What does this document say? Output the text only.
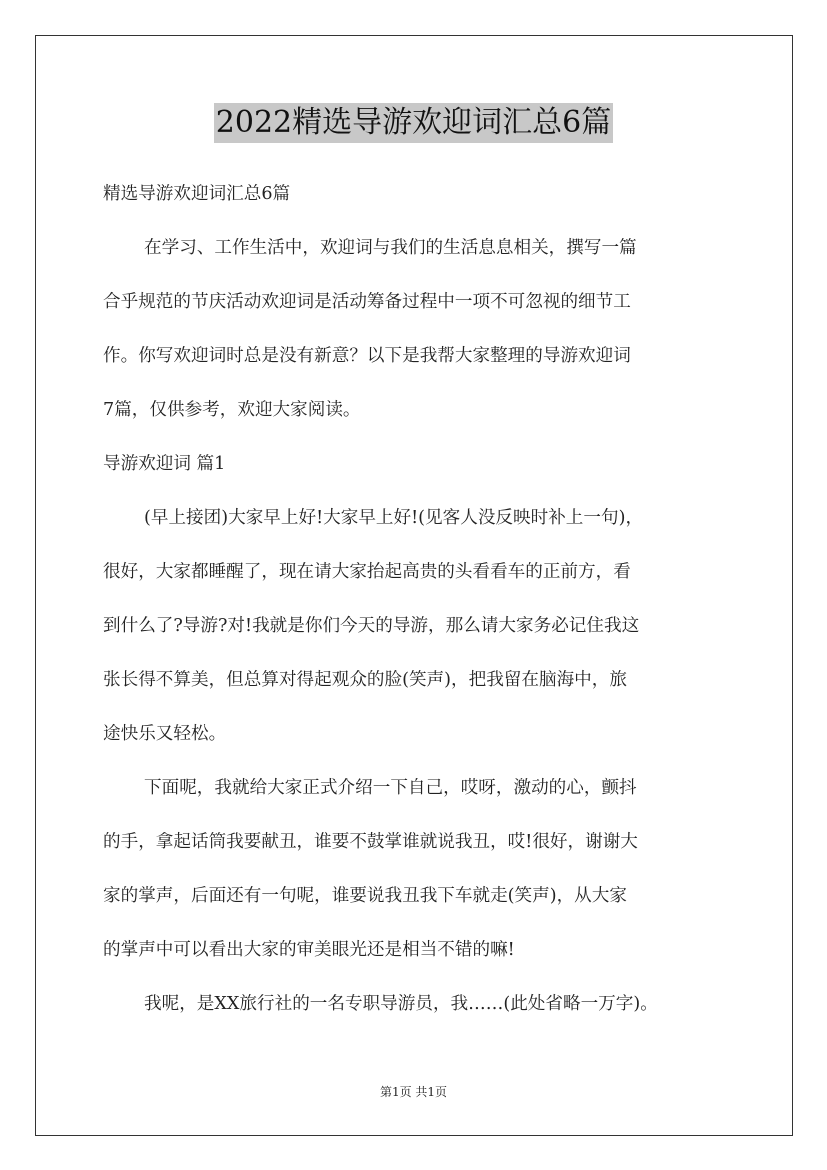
2022精选导游欢迎词汇总6篇
精选导游欢迎词汇总6篇
在学习、工作生活中，欢迎词与我们的生活息息相关，撰写一篇
合乎规范的节庆活动欢迎词是活动筹备过程中一项不可忽视的细节工
作。你写欢迎词时总是没有新意？以下是我帮大家整理的导游欢迎词
7篇，仅供参考，欢迎大家阅读。
导游欢迎词 篇1
(早上接团)大家早上好!大家早上好!(见客人没反映时补上一句)，
很好，大家都睡醒了，现在请大家抬起高贵的头看看车的正前方，看
到什么了?导游?对!我就是你们今天的导游，那么请大家务必记住我这
张长得不算美，但总算对得起观众的脸(笑声)，把我留在脑海中，旅
途快乐又轻松。
下面呢，我就给大家正式介绍一下自己，哎呀，激动的心，颤抖
的手，拿起话筒我要献丑，谁要不鼓掌谁就说我丑，哎!很好，谢谢大
家的掌声，后面还有一句呢，谁要说我丑我下车就走(笑声)，从大家
的掌声中可以看出大家的审美眼光还是相当不错的嘛!
我呢，是XX旅行社的一名专职导游员，我……(此处省略一万字)。
第1页 共1页
